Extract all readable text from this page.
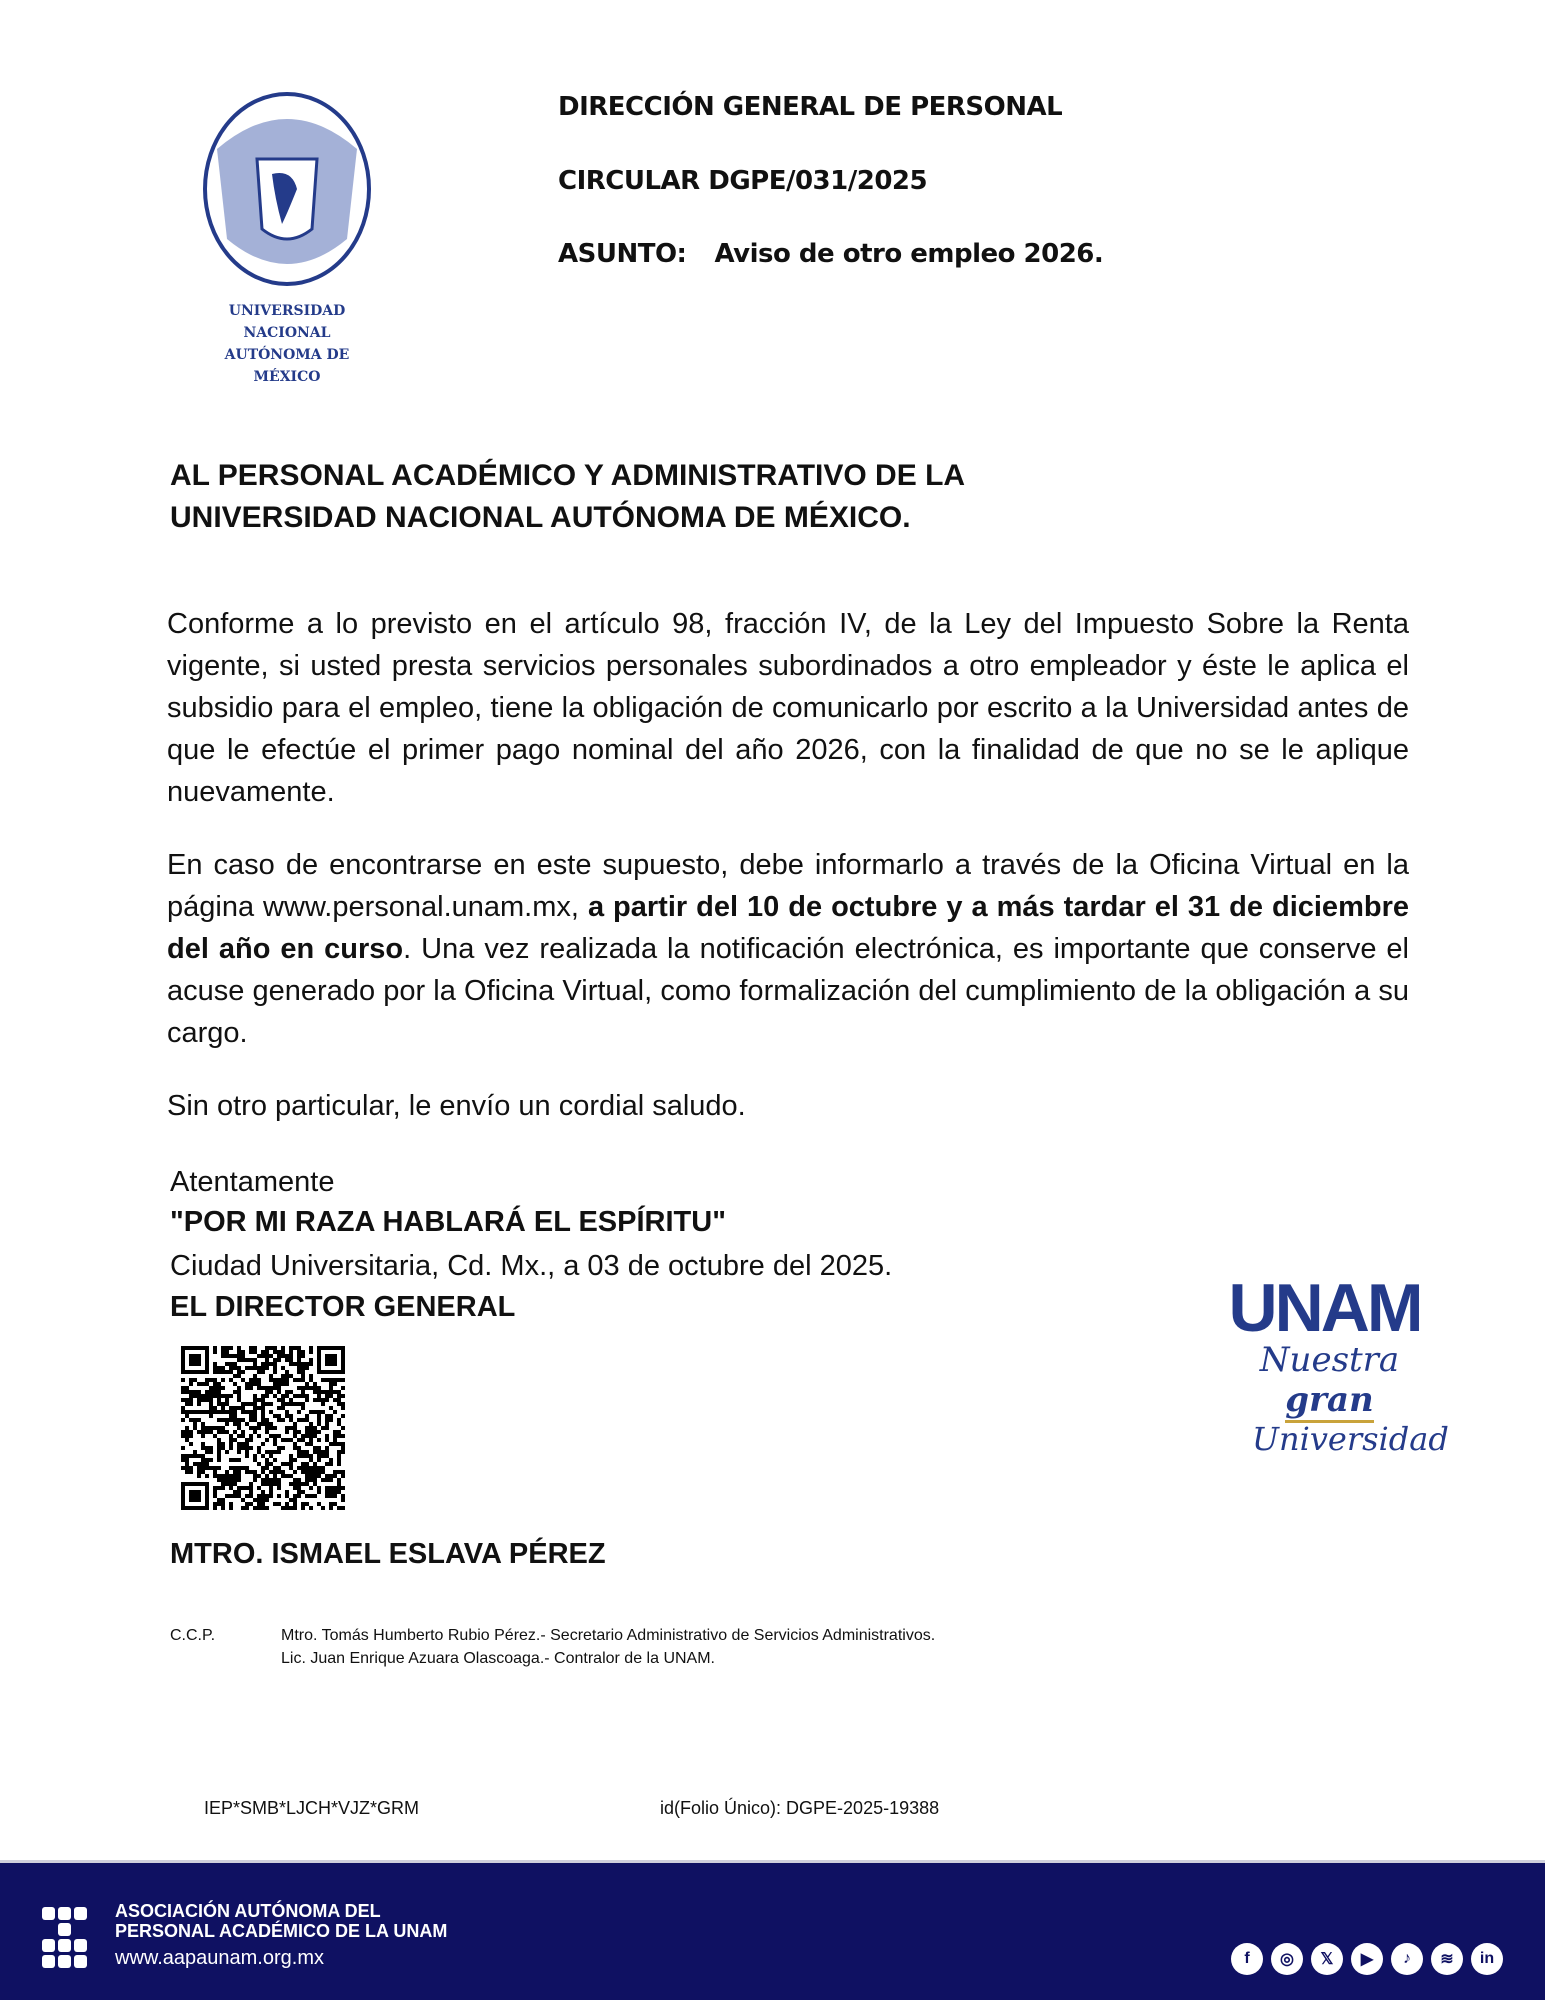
UNIVERSIDAD NACIONAL AUTÓNOMA DE MÉXICO
DIRECCIÓN GENERAL DE PERSONAL
CIRCULAR DGPE/031/2025
ASUNTO: Aviso de otro empleo 2026.
AL PERSONAL ACADÉMICO Y ADMINISTRATIVO DE LA
UNIVERSIDAD NACIONAL AUTÓNOMA DE MÉXICO.
Conforme a lo previsto en el artículo 98, fracción IV, de la Ley del Impuesto Sobre la Renta vigente, si usted presta servicios personales subordinados a otro empleador y éste le aplica el subsidio para el empleo, tiene la obligación de comunicarlo por escrito a la Universidad antes de que le efectúe el primer pago nominal del año 2026, con la finalidad de que no se le aplique nuevamente.
En caso de encontrarse en este supuesto, debe informarlo a través de la Oficina Virtual en la página www.personal.unam.mx, a partir del 10 de octubre y a más tardar el 31 de diciembre del año en curso. Una vez realizada la notificación electrónica, es importante que conserve el acuse generado por la Oficina Virtual, como formalización del cumplimiento de la obligación a su cargo.
Sin otro particular, le envío un cordial saludo.
Atentamente
"POR MI RAZA HABLARÁ EL ESPÍRITU"
Ciudad Universitaria, Cd. Mx., a 03 de octubre del 2025.
EL DIRECTOR GENERAL
MTRO. ISMAEL ESLAVA PÉREZ
C.C.P.	Mtro. Tomás Humberto Rubio Pérez.- Secretario Administrativo de Servicios Administrativos.
Lic. Juan Enrique Azuara Olascoaga.- Contralor de la UNAM.
IEP*SMB*LJCH*VJZ*GRM	id(Folio Único): DGPE-2025-19388
UNAM
Nuestra gran
Universidad
ASOCIACIÓN AUTÓNOMA DEL
PERSONAL ACADÉMICO DE LA UNAM
www.aapaunam.org.mx	f	◎	𝕏	▶	♪	≋	in
